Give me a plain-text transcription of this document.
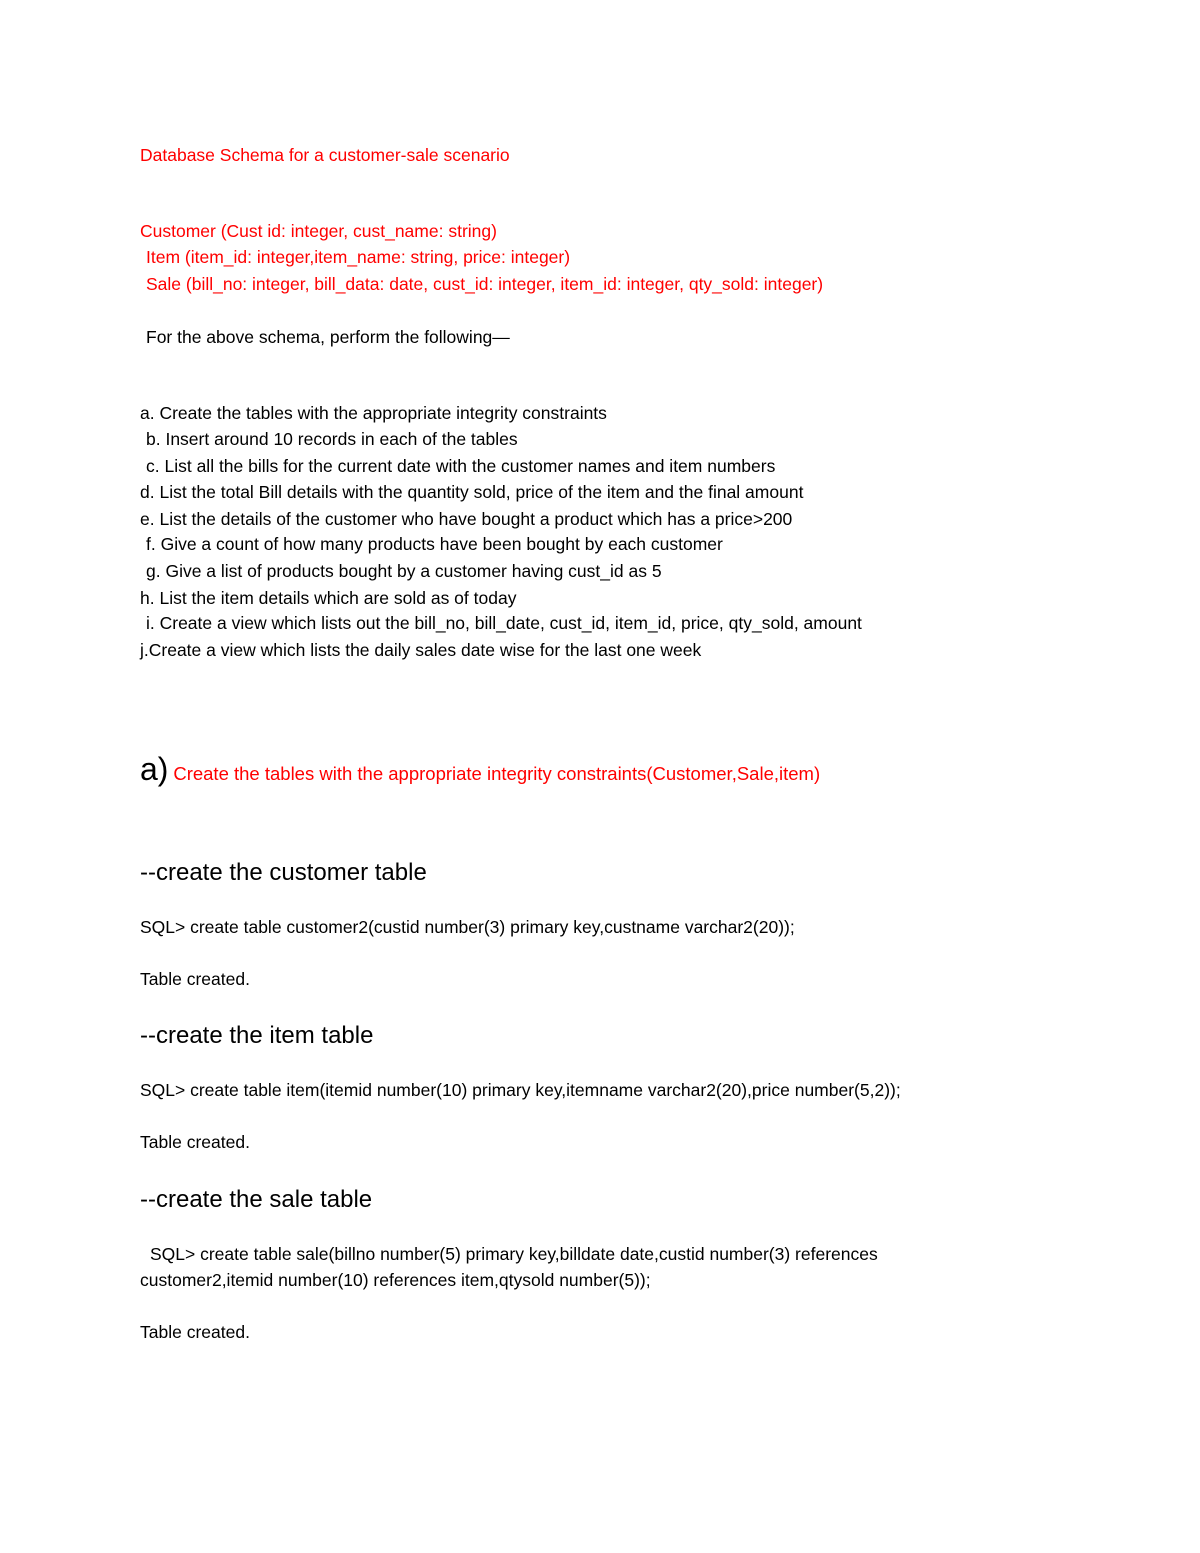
Database Schema for a customer-sale scenario
Customer (Cust id: integer, cust_name: string)
Item (item_id: integer,item_name: string, price: integer)
Sale (bill_no: integer, bill_data: date, cust_id: integer, item_id: integer, qty_sold: integer)
For the above schema, perform the following—
a. Create the tables with the appropriate integrity constraints
b. Insert around 10 records in each of the tables
c. List all the bills for the current date with the customer names and item numbers
d. List the total Bill details with the quantity sold, price of the item and the final amount
e. List the details of the customer who have bought a product which has a price>200
f. Give a count of how many products have been bought by each customer
g. Give a list of products bought by a customer having cust_id as 5
h. List the item details which are sold as of today
i. Create a view which lists out the bill_no, bill_date, cust_id, item_id, price, qty_sold, amount
j.Create a view which lists the daily sales date wise for the last one week
a) Create the tables with the appropriate integrity constraints(Customer,Sale,item)
--create the customer table
SQL> create table customer2(custid number(3) primary key,custname varchar2(20));
Table created.
--create the item table
SQL> create table item(itemid number(10) primary key,itemname varchar2(20),price number(5,2));
Table created.
--create the sale table
SQL> create table sale(billno number(5) primary key,billdate date,custid number(3) references
customer2,itemid number(10) references item,qtysold number(5));
Table created.
